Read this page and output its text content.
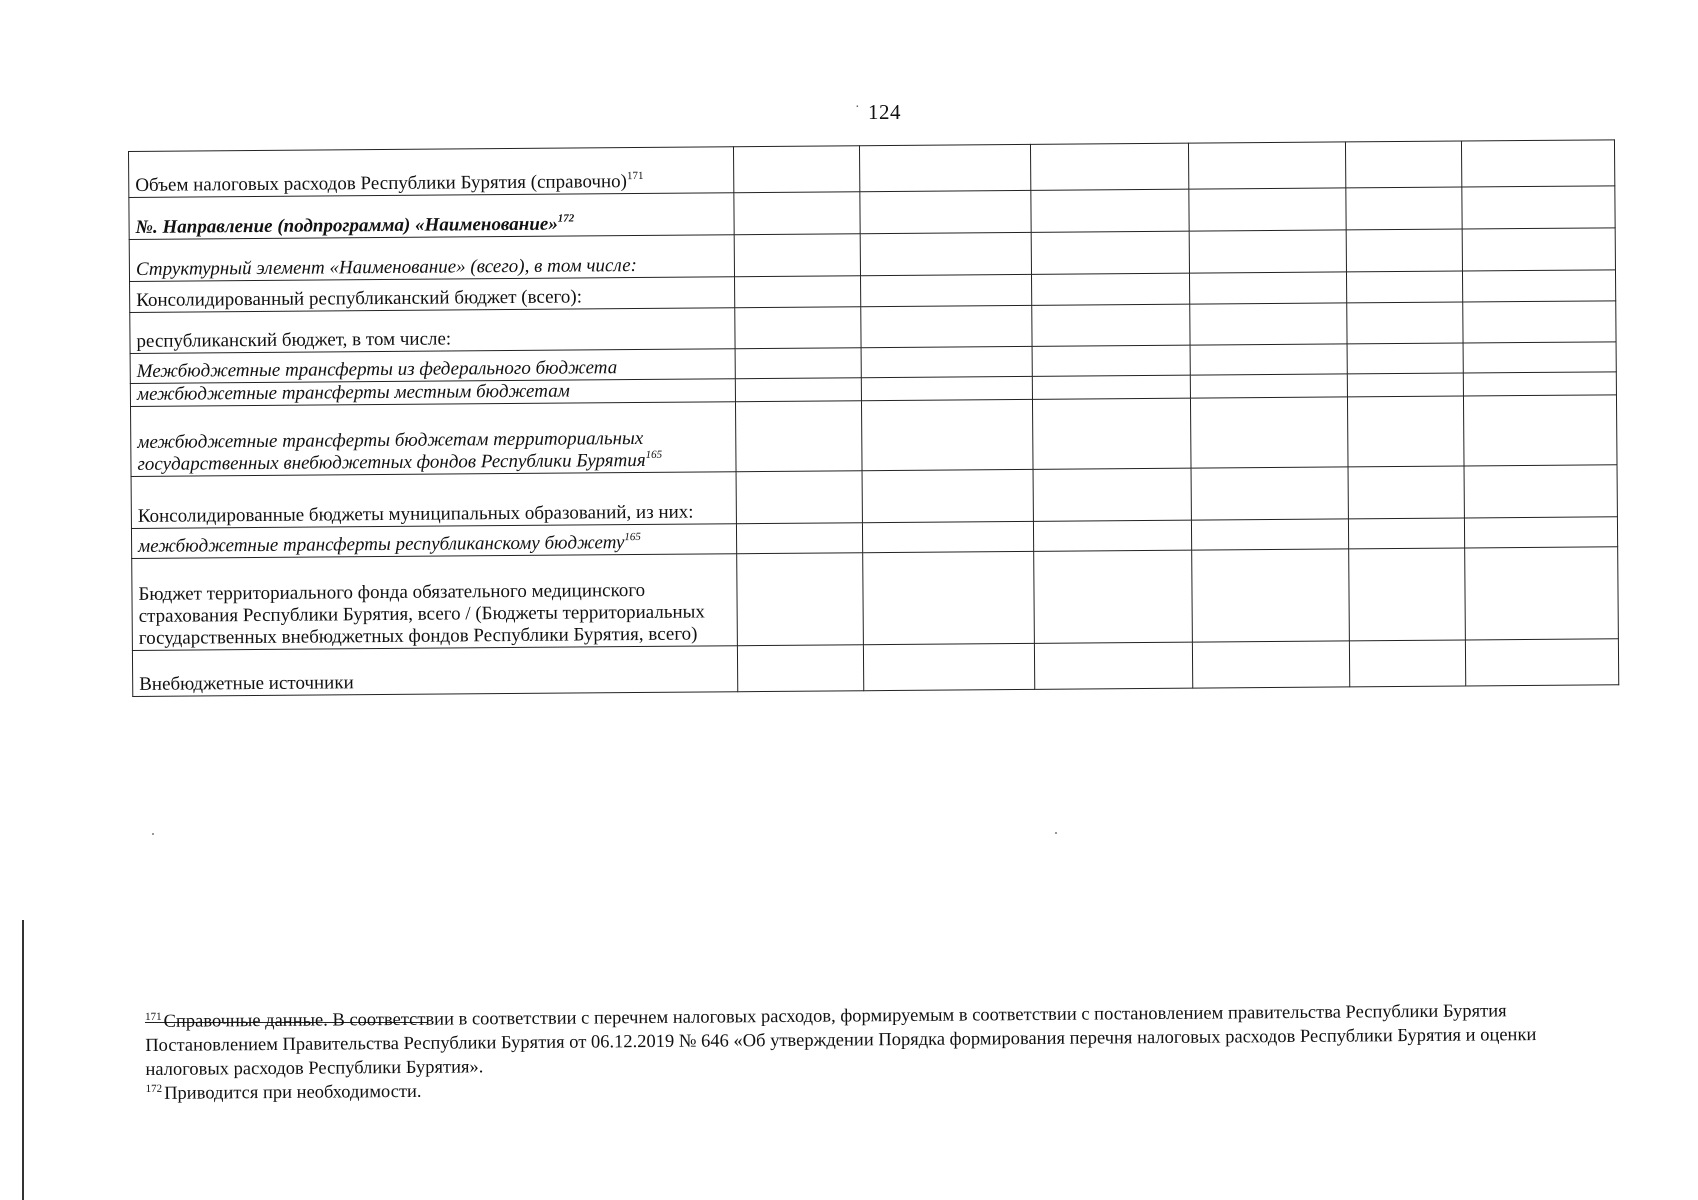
· 124
Объем налоговых расходов Республики Бурятия (справочно)$^{171}$						
№. Направление (подпрограмма) «Наименование»$^{172}$						
Структурный элемент «Наименование» (всего), в том числе:						
Консолидированный республиканский бюджет (всего):						
республиканский бюджет, в том числе:						
Межбюджетные трансферты из федерального бюджета						
межбюджетные трансферты местным бюджетам						
межбюджетные трансферты бюджетам территориальных государственных внебюджетных фондов Республики Бурятия$^{165}$						
Консолидированные бюджеты муниципальных образований, из них:						
межбюджетные трансферты республиканскому бюджету$^{165}$						
Бюджет территориального фонда обязательного медицинского страхования Республики Бурятия, всего / (Бюджеты территориальных государственных внебюджетных фондов Республики Бурятия, всего)						
Внебюджетные источники						

$^{171}$ Справочные данные. В соответствии в соответствии с перечнем налоговых расходов, формируемым в соответствии с постановлением правительства Республики Бурятия Постановлением Правительства Республики Бурятия от 06.12.2019 № 646 «Об утверждении Порядка формирования перечня налоговых расходов Республики Бурятия и оценки налоговых расходов Республики Бурятия».

$^{172}$ Приводится при необходимости.
